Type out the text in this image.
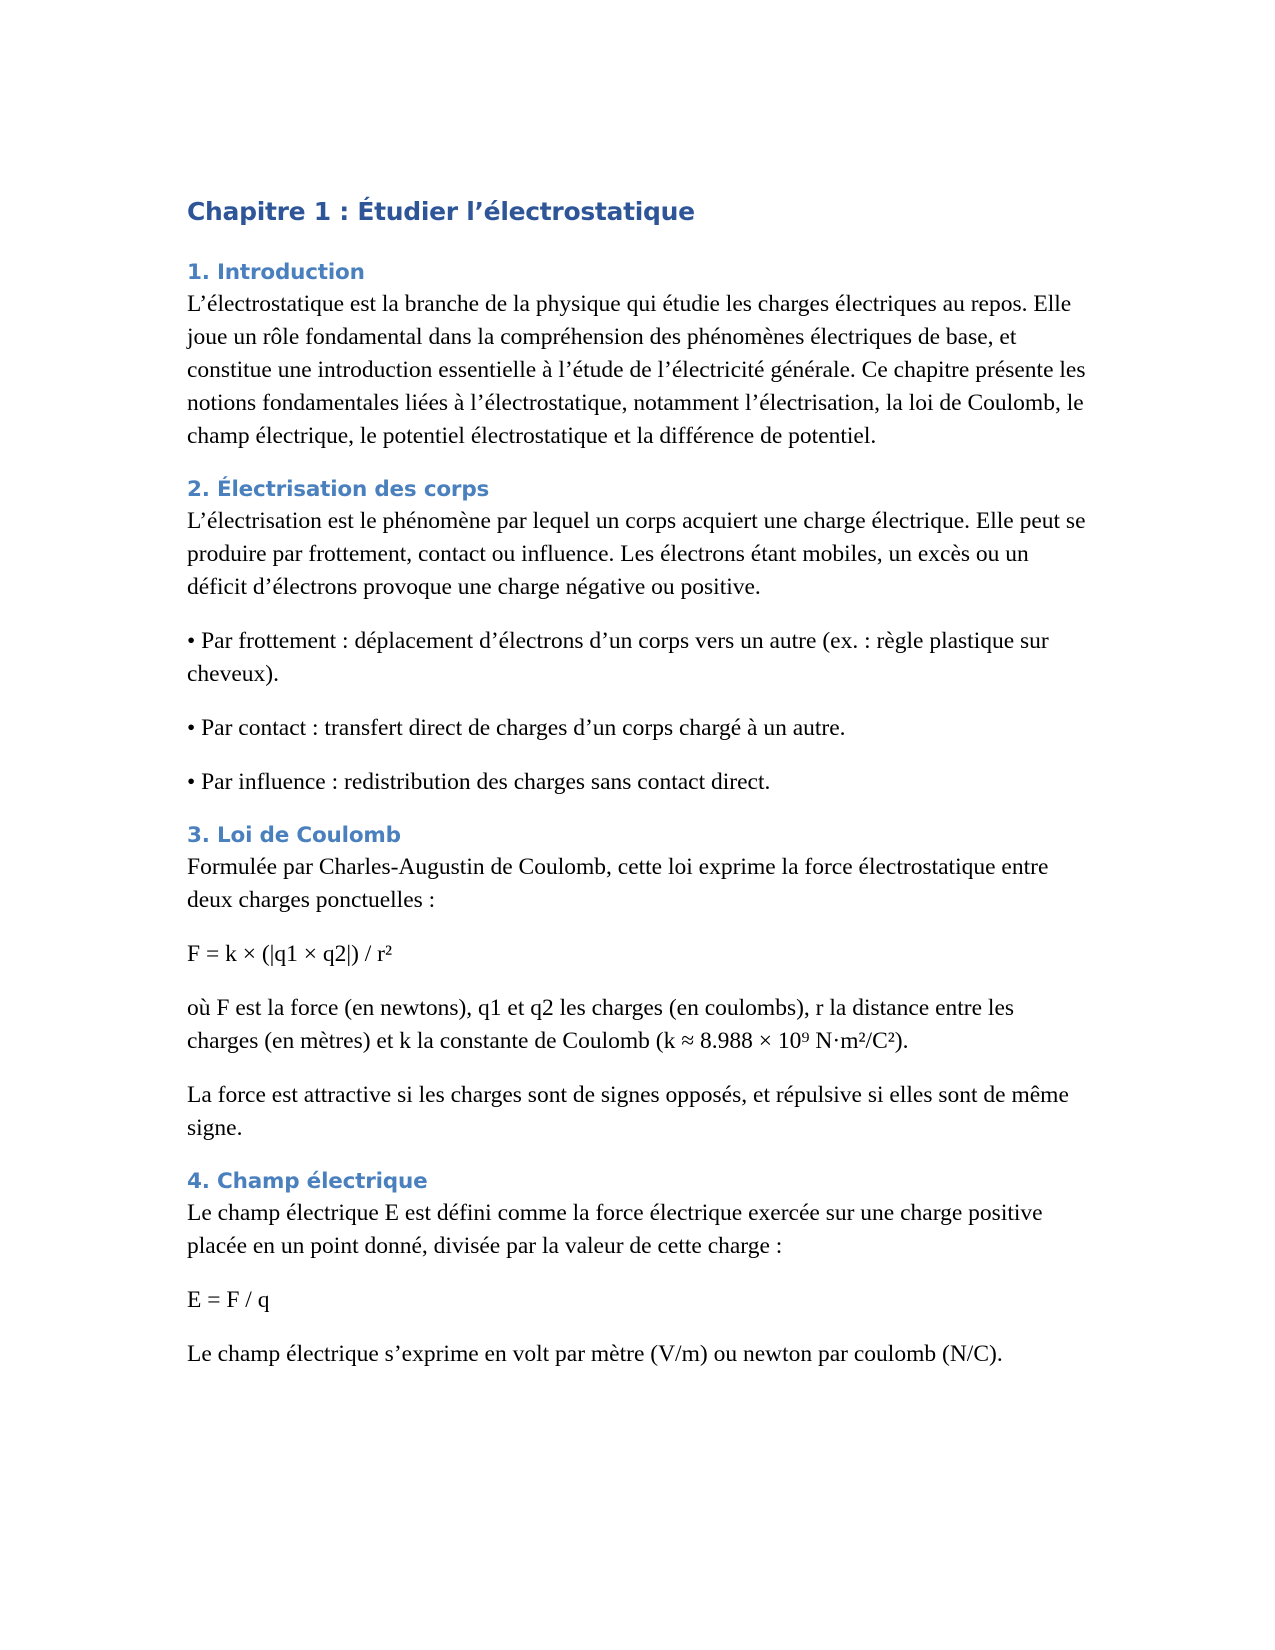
Chapitre 1 : Étudier l’électrostatique
1. Introduction

L’électrostatique est la branche de la physique qui étudie les charges électriques au repos. Elle joue un rôle fondamental dans la compréhension des phénomènes électriques de base, et constitue une introduction essentielle à l’étude de l’électricité générale. Ce chapitre présente les notions fondamentales liées à l’électrostatique, notamment l’électrisation, la loi de Coulomb, le champ électrique, le potentiel électrostatique et la différence de potentiel.

2. Électrisation des corps

L’électrisation est le phénomène par lequel un corps acquiert une charge électrique. Elle peut se produire par frottement, contact ou influence. Les électrons étant mobiles, un excès ou un déficit d’électrons provoque une charge négative ou positive.

• Par frottement : déplacement d’électrons d’un corps vers un autre (ex. : règle plastique sur cheveux).

• Par contact : transfert direct de charges d’un corps chargé à un autre.

• Par influence : redistribution des charges sans contact direct.

3. Loi de Coulomb

Formulée par Charles-Augustin de Coulomb, cette loi exprime la force électrostatique entre deux charges ponctuelles :

F = k × (|q1 × q2|) / r²

où F est la force (en newtons), q1 et q2 les charges (en coulombs), r la distance entre les charges (en mètres) et k la constante de Coulomb (k ≈ 8.988 × 10⁹ N·m²/C²).

La force est attractive si les charges sont de signes opposés, et répulsive si elles sont de même signe.

4. Champ électrique

Le champ électrique E est défini comme la force électrique exercée sur une charge positive placée en un point donné, divisée par la valeur de cette charge :

E = F / q

Le champ électrique s’exprime en volt par mètre (V/m) ou newton par coulomb (N/C).
